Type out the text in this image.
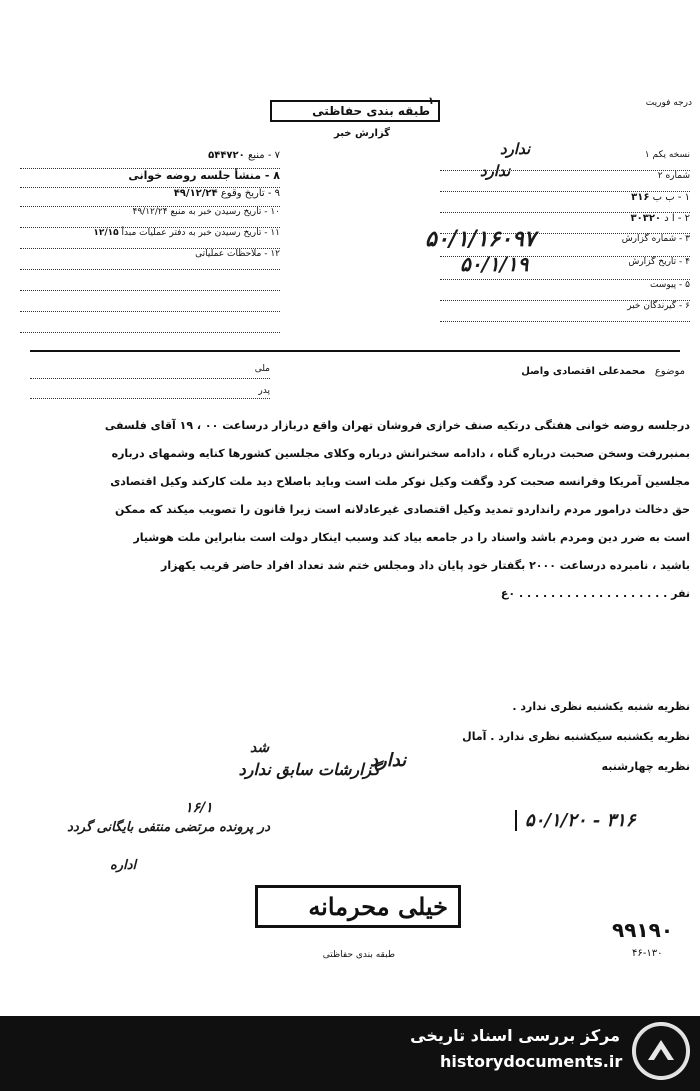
درجه فوریت
طبقه بندی حفاظتی
۱
گزارش خبر
۷ - منبع ۵۴۴۷۲۰
۸ - منشأ جلسه روضه خوانی
۹ - تاریخ وقوع ۴۹/۱۲/۲۴
۱۰ - تاریخ رسیدن خبر به منبع ۴۹/۱۲/۲۴
۱۱ - تاریخ رسیدن خبر به دفتر عملیات مبدأ ۱۲/۱۵
۱۲ - ملاحظات عملیاتی
نسخه یکم ۱
شماره ۲
۱ - ب ب ۳۱۶
۲ - ا د ۳۰۳۲۰
۳ - شماره گزارش
۴ - تاریخ گزارش
۵ - پیوست
۶ - گیرندگان خبر
ندارد
ندارد
۵۰/۱/۱۶۰۹۷
۵۰/۱/۱۹
موضوع   محمدعلی اقتصادی واصل
ملی
پدر
درجلسه روضه خوانی هفتگی درتکیه صنف خرازی فروشان تهران واقع دربازار درساعت ۰۰ ، ۱۹ آقای فلسفی
بمنبررفت وسخن صحبت درباره گناه ، دادامه سخنرانش درباره وکلای مجلسین کشورها کنایه وشمهای درباره
مجلسین آمریکا وفرانسه صحبت کرد وگفت وکیل نوکر ملت است وباید باصلاح دید ملت کارکند وکیل اقتصادی
حق دخالت درامور مردم رانداردو تمدید وکیل اقتصادی غیرعادلانه است زیرا قانون را تصویب میکند که ممکن
است به ضرر دین ومردم باشد واسناد را در جامعه بیاد کند وسبب اینکار دولت است بنابراین ملت هوشیار
باشید ، نامبرده درساعت ۲۰۰۰ بگفتار خود پایان داد ومجلس ختم شد تعداد افراد حاضر قریب یکهزار
نفر . . . . . . . . . . . . . . . . . . . ۰ع
نظریه شنبه یکشنبه نظری ندارد .
نظریه یکشنبه سیکشنبه نظری ندارد . آمال
نظریه چهارشنبه
ندارد
شد
گزارشات سابق ندارد
۱۶/۱
در پرونده مرتضی منتفی بایگانی گردد
اداره
۵۰/۱/۲۰ - ۳۱۶
خیلی محرمانه
طبقه بندی حفاظتی
۹۹۱۹۰
۴۶-۱۳۰
مرکز بررسی اسناد تاریخی
historydocuments.ir
